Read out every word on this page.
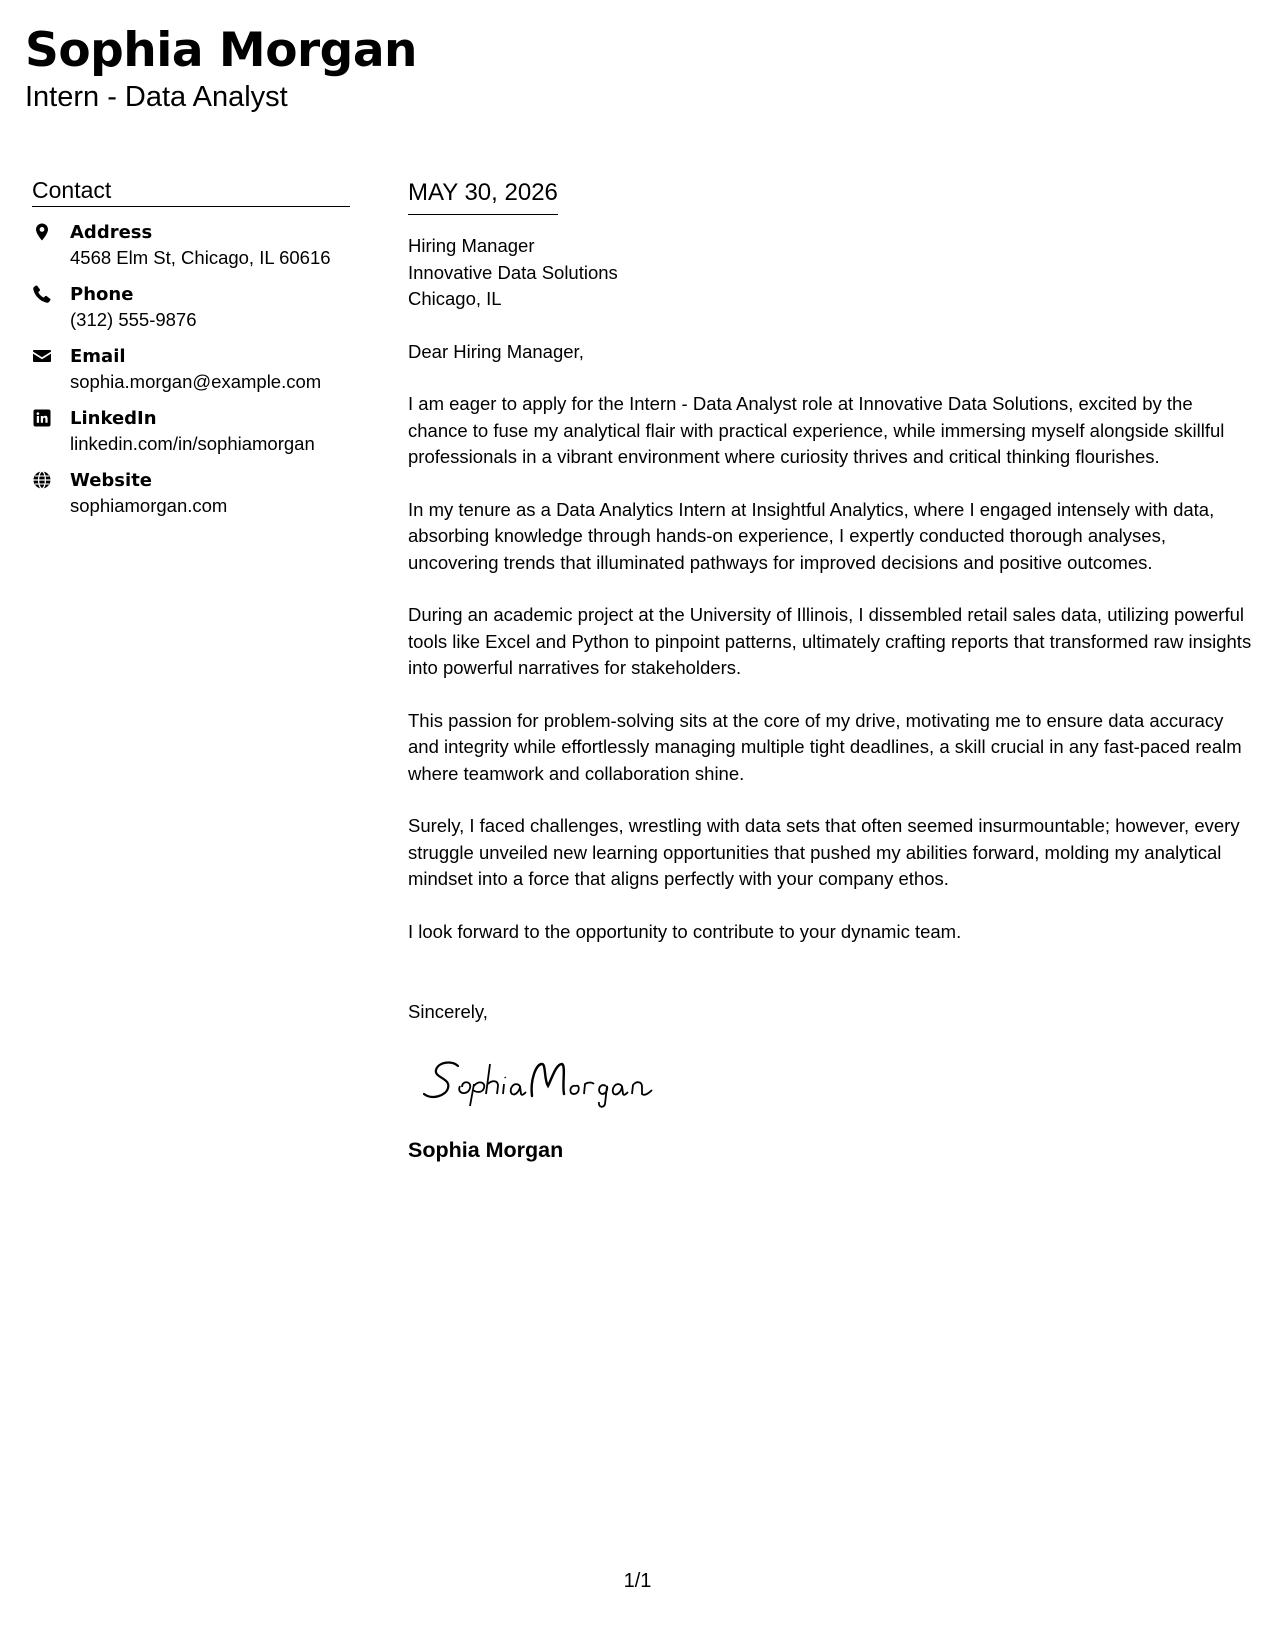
Sophia Morgan
Intern - Data Analyst
Contact
Address
4568 Elm St, Chicago, IL 60616
Phone
(312) 555-9876
Email
sophia.morgan@example.com
LinkedIn
linkedin.com/in/sophiamorgan
Website
sophiamorgan.com
MAY 30, 2026
Hiring Manager
Innovative Data Solutions
Chicago, IL

Dear Hiring Manager,

I am eager to apply for the Intern - Data Analyst role at Innovative Data Solutions, excited by the chance to fuse my analytical flair with practical experience, while immersing myself alongside skillful professionals in a vibrant environment where curiosity thrives and critical thinking flourishes.

In my tenure as a Data Analytics Intern at Insightful Analytics, where I engaged intensely with data, absorbing knowledge through hands-on experience, I expertly conducted thorough analyses, uncovering trends that illuminated pathways for improved decisions and positive outcomes.

During an academic project at the University of Illinois, I dissembled retail sales data, utilizing powerful tools like Excel and Python to pinpoint patterns, ultimately crafting reports that transformed raw insights into powerful narratives for stakeholders.

This passion for problem-solving sits at the core of my drive, motivating me to ensure data accuracy and integrity while effortlessly managing multiple tight deadlines, a skill crucial in any fast-paced realm where teamwork and collaboration shine.

Surely, I faced challenges, wrestling with data sets that often seemed insurmountable; however, every struggle unveiled new learning opportunities that pushed my abilities forward, molding my analytical mindset into a force that aligns perfectly with your company ethos.

I look forward to the opportunity to contribute to your dynamic team.

Sincerely,
Sophia Morgan
1/1
